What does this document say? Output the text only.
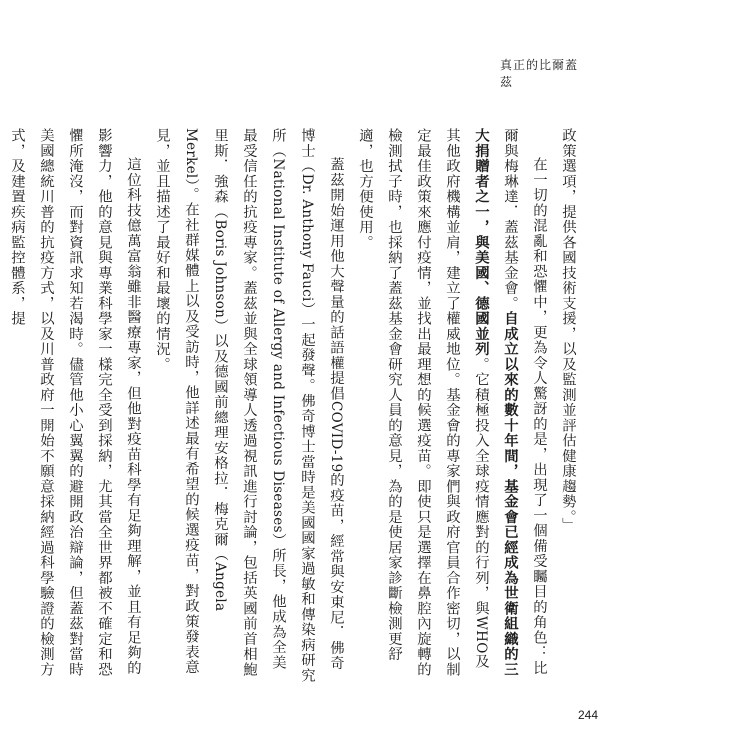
真正的比爾蓋茲

政策選項，提供各國技術支援，以及監測並評估健康趨勢。」

在一切的混亂和恐懼中，更為令人驚訝的是，出現了一個備受矚目的角色：比爾與梅琳達．蓋茲基金會。自成立以來的數十年間，基金會已經成為世衛組織的三大捐贈者之一，與美國、德國並列。它積極投入全球疫情應對的行列，與WHO及其他政府機構並肩，建立了權威地位。基金會的專家們與政府官員合作密切，以制定最佳政策來應付疫情，並找出最理想的候選疫苗。即使只是選擇在鼻腔內旋轉的檢測拭子時，也採納了蓋茲基金會研究人員的意見，為的是使居家診斷檢測更舒適，也方便使用。

蓋茲開始運用他大聲量的話語權提倡COVID-19的疫苗，經常與安東尼．佛奇博士（Dr. Anthony Fauci）一起發聲。佛奇博士當時是美國國家過敏和傳染病研究所（National Institute of Allergy and Infectious Diseases）所長，他成為全美最受信任的抗疫專家。蓋茲並與全球領導人透過視訊進行討論，包括英國前首相鮑里斯．強森（Boris Johnson）以及德國前總理安格拉．梅克爾（Angela Merkel）。在社群媒體上以及受訪時，他詳述最有希望的候選疫苗，對政策發表意見，並且描述了最好和最壞的情況。

這位科技億萬富翁雖非醫療專家，但他對疫苗科學有足夠理解，並且有足夠的影響力，他的意見與專業科學家一樣完全受到採納，尤其當全世界都被不確定和恐懼所淹沒，而對資訊求知若渴時。儘管他小心翼翼的避開政治辯論，但蓋茲對當時美國總統川普的抗疫方式，以及川普政府一開始不願意採納經過科學驗證的檢測方式，及建置疾病監控體系，提

244
